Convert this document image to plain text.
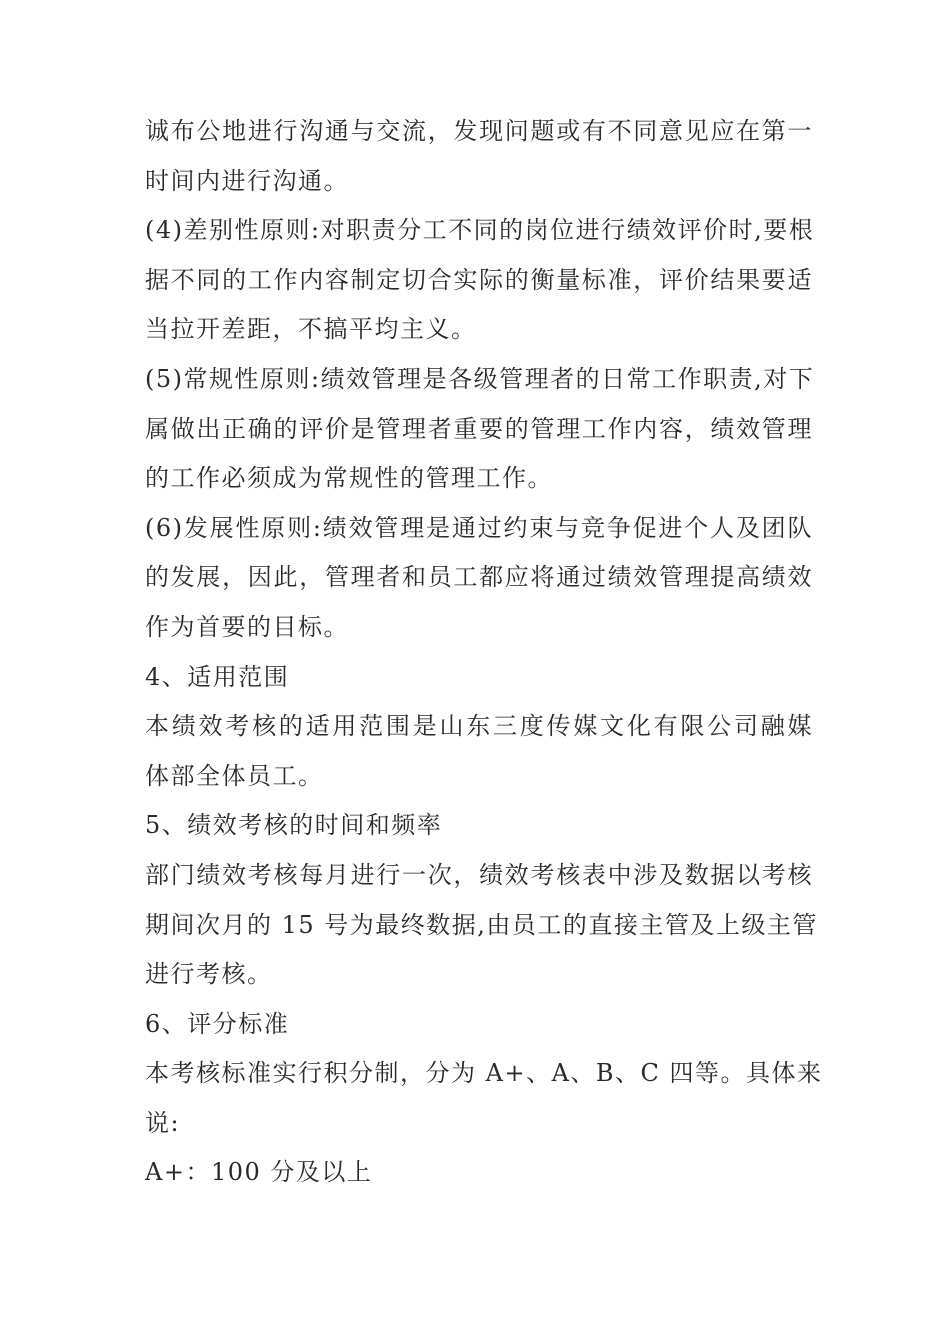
诚布公地进行沟通与交流，发现问题或有不同意见应在第一
时间内进行沟通。
(4)差别性原则:对职责分工不同的岗位进行绩效评价时,要根
据不同的工作内容制定切合实际的衡量标准，评价结果要适
当拉开差距，不搞平均主义。
(5)常规性原则:绩效管理是各级管理者的日常工作职责,对下
属做出正确的评价是管理者重要的管理工作内容，绩效管理
的工作必须成为常规性的管理工作。
(6)发展性原则:绩效管理是通过约束与竞争促进个人及团队
的发展，因此，管理者和员工都应将通过绩效管理提高绩效
作为首要的目标。
4、适用范围
本绩效考核的适用范围是山东三度传媒文化有限公司融媒
体部全体员工。
5、绩效考核的时间和频率
部门绩效考核每月进行一次，绩效考核表中涉及数据以考核
期间次月的 15 号为最终数据,由员工的直接主管及上级主管
进行考核。
6、评分标准
本考核标准实行积分制，分为 A+、A、B、C 四等。具体来
说:
A+：100 分及以上
